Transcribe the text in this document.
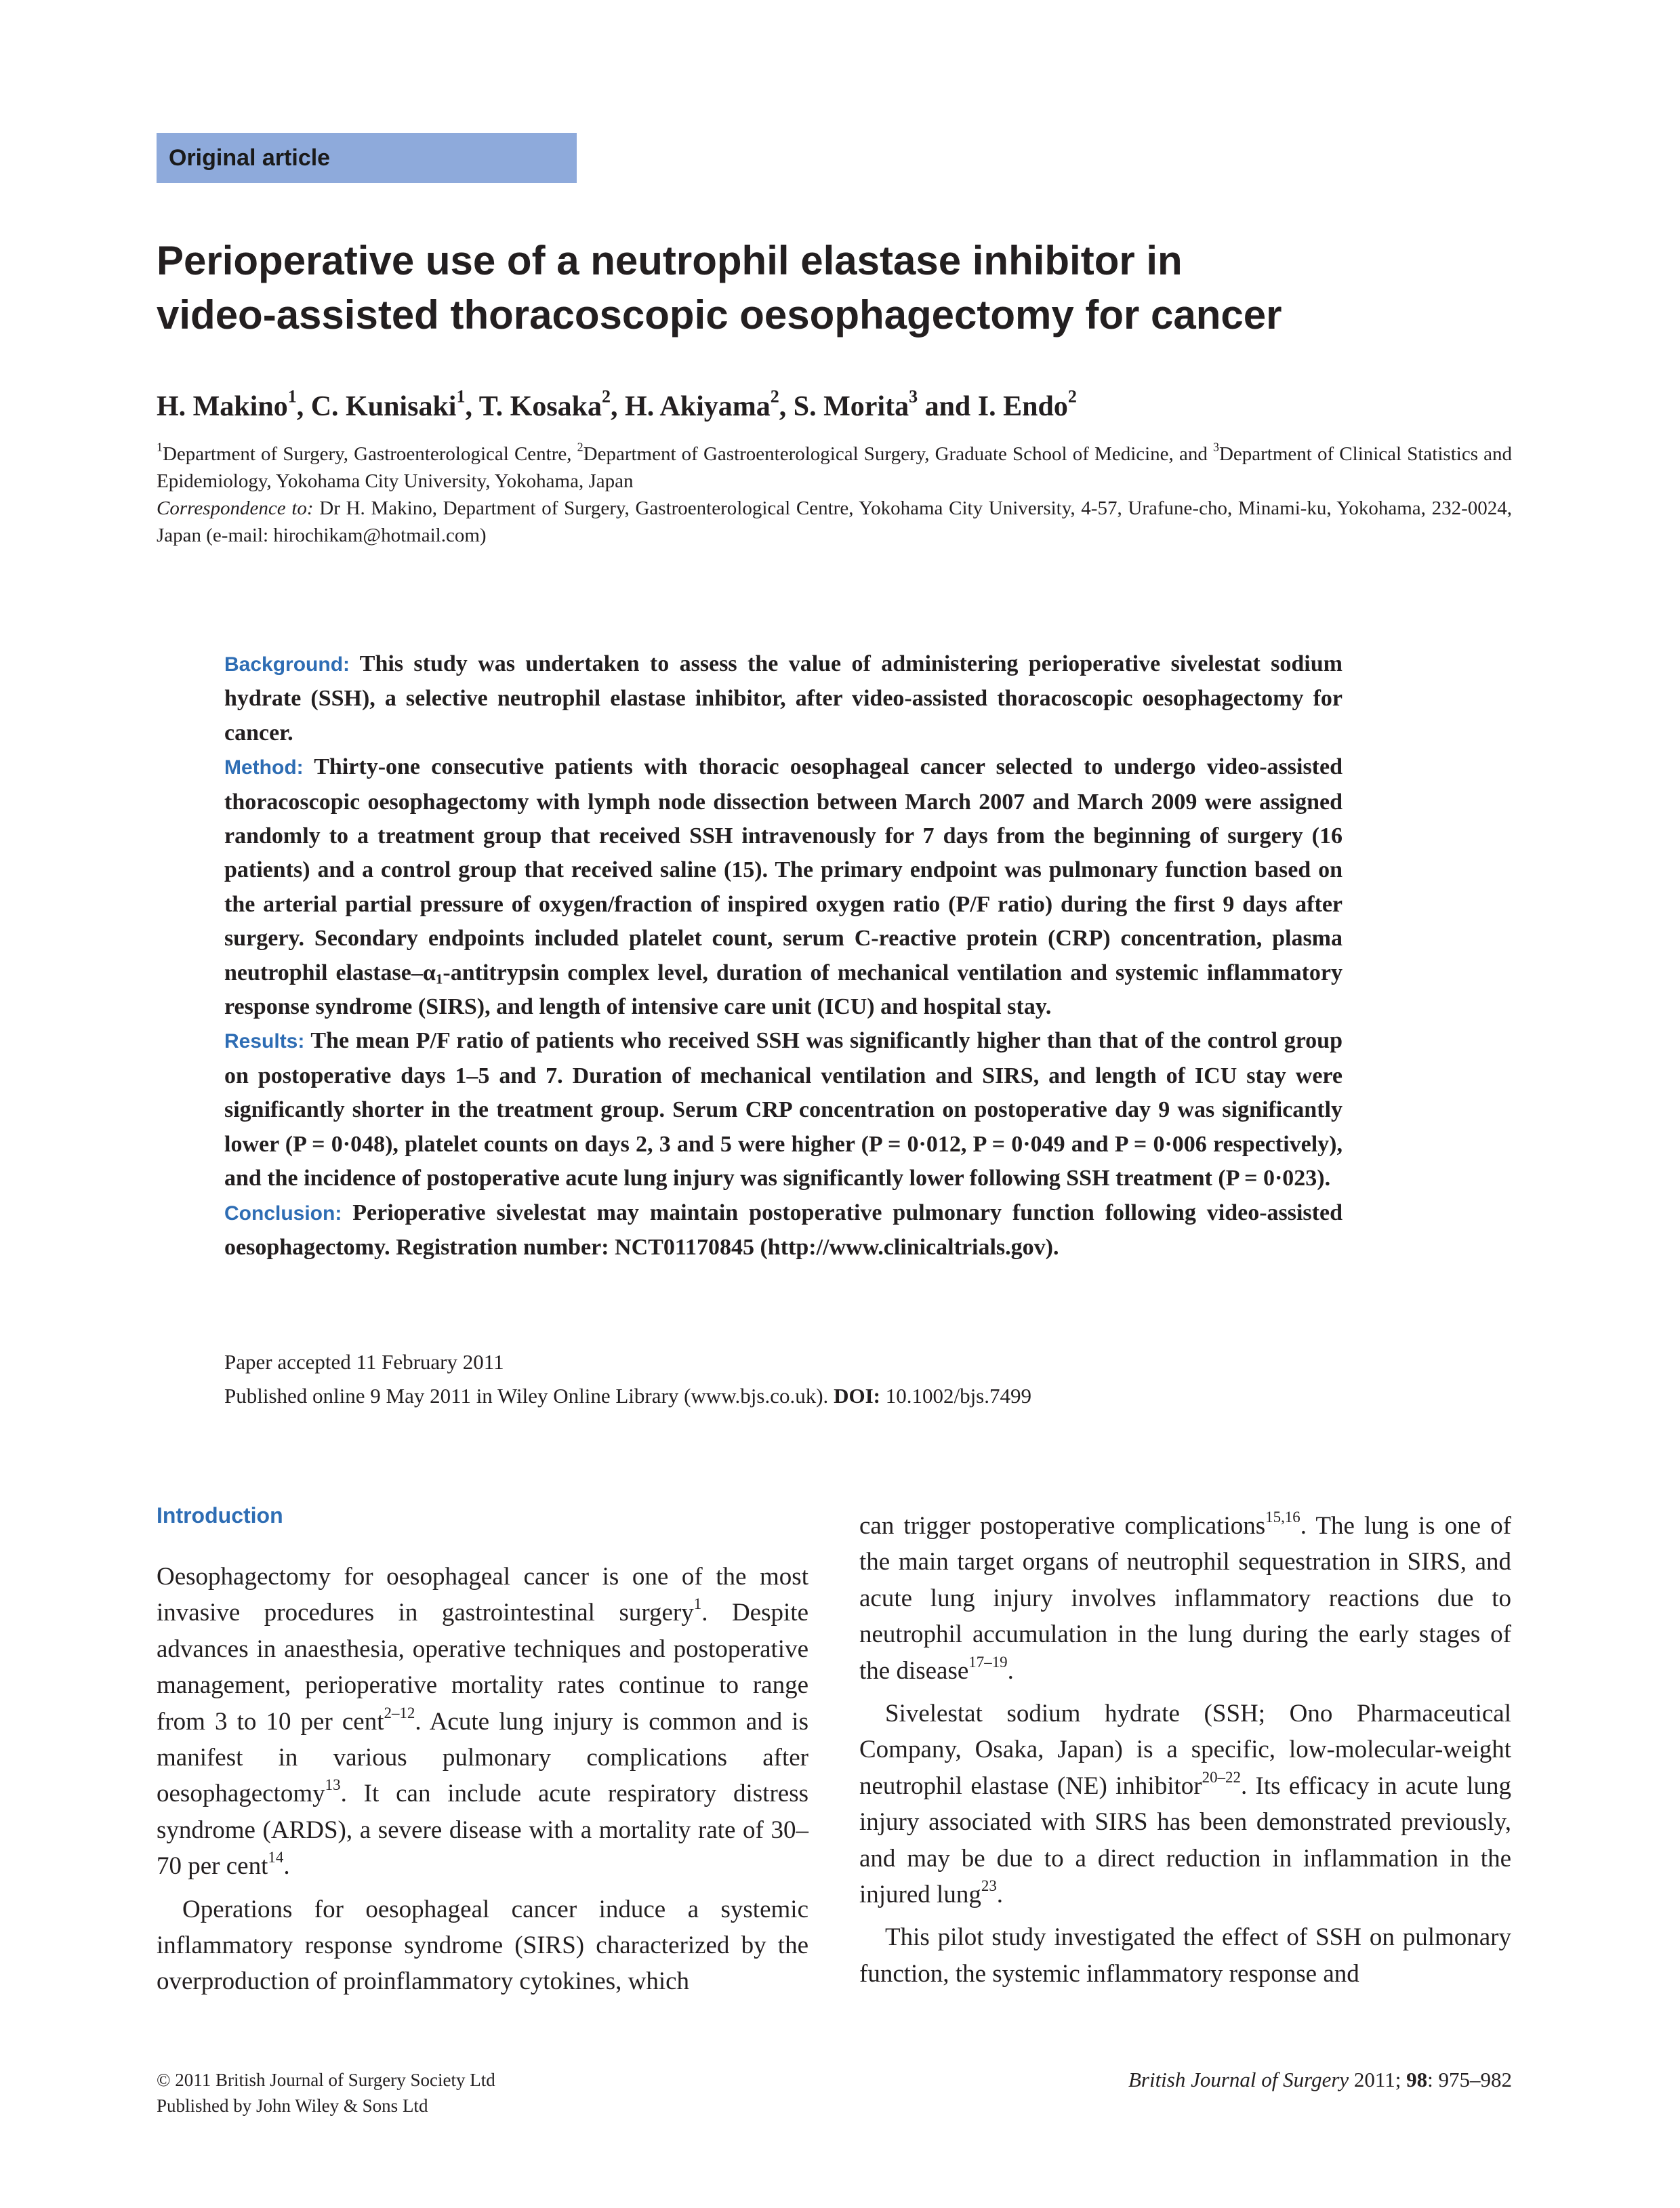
Original article
Perioperative use of a neutrophil elastase inhibitor in
video-assisted thoracoscopic oesophagectomy for cancer
H. Makino$^1$, C. Kunisaki$^1$, T. Kosaka$^2$, H. Akiyama$^2$, S. Morita$^3$ and I. Endo$^2$

$^1$Department of Surgery, Gastroenterological Centre, $^2$Department of Gastroenterological Surgery, Graduate School of Medicine, and $^3$Department of Clinical Statistics and Epidemiology, Yokohama City University, Yokohama, Japan

Correspondence to: Dr H. Makino, Department of Surgery, Gastroenterological Centre, Yokohama City University, 4-57, Urafune-cho, Minami-ku, Yokohama, 232-0024, Japan (e-mail: hirochikam@hotmail.com)

Background: This study was undertaken to assess the value of administering perioperative sivelestat sodium hydrate (SSH), a selective neutrophil elastase inhibitor, after video-assisted thoracoscopic oesophagectomy for cancer.

Method: Thirty-one consecutive patients with thoracic oesophageal cancer selected to undergo video-assisted thoracoscopic oesophagectomy with lymph node dissection between March 2007 and March 2009 were assigned randomly to a treatment group that received SSH intravenously for 7 days from the beginning of surgery (16 patients) and a control group that received saline (15). The primary endpoint was pulmonary function based on the arterial partial pressure of oxygen/fraction of inspired oxygen ratio (P/F ratio) during the first 9 days after surgery. Secondary endpoints included platelet count, serum C-reactive protein (CRP) concentration, plasma neutrophil elastase–$\alpha_1$-antitrypsin complex level, duration of mechanical ventilation and systemic inflammatory response syndrome (SIRS), and length of intensive care unit (ICU) and hospital stay.

Results: The mean P/F ratio of patients who received SSH was significantly higher than that of the control group on postoperative days 1–5 and 7. Duration of mechanical ventilation and SIRS, and length of ICU stay were significantly shorter in the treatment group. Serum CRP concentration on postoperative day 9 was significantly lower (P = 0·048), platelet counts on days 2, 3 and 5 were higher (P = 0·012, P = 0·049 and P = 0·006 respectively), and the incidence of postoperative acute lung injury was significantly lower following SSH treatment (P = 0·023).

Conclusion: Perioperative sivelestat may maintain postoperative pulmonary function following video-assisted oesophagectomy. Registration number: NCT01170845 (http://www.clinicaltrials.gov).

Paper accepted 11 February 2011

Published online 9 May 2011 in Wiley Online Library (www.bjs.co.uk). DOI: 10.1002/bjs.7499

Introduction

Oesophagectomy for oesophageal cancer is one of the most invasive procedures in gastrointestinal surgery$^1$. Despite advances in anaesthesia, operative techniques and postoperative management, perioperative mortality rates continue to range from 3 to 10 per cent$^{2-12}$. Acute lung injury is common and is manifest in various pulmonary complications after oesophagectomy$^{13}$. It can include acute respiratory distress syndrome (ARDS), a severe disease with a mortality rate of 30–70 per cent$^{14}$.

Operations for oesophageal cancer induce a systemic inflammatory response syndrome (SIRS) characterized by the overproduction of proinflammatory cytokines, which

can trigger postoperative complications$^{15,16}$. The lung is one of the main target organs of neutrophil sequestration in SIRS, and acute lung injury involves inflammatory reactions due to neutrophil accumulation in the lung during the early stages of the disease$^{17-19}$.

Sivelestat sodium hydrate (SSH; Ono Pharmaceutical Company, Osaka, Japan) is a specific, low-molecular-weight neutrophil elastase (NE) inhibitor$^{20-22}$. Its efficacy in acute lung injury associated with SIRS has been demonstrated previously, and may be due to a direct reduction in inflammation in the injured lung$^{23}$.

This pilot study investigated the effect of SSH on pulmonary function, the systemic inflammatory response and

© 2011 British Journal of Surgery Society Ltd
Published by John Wiley & Sons Ltd
British Journal of Surgery 2011; 98: 975–982
